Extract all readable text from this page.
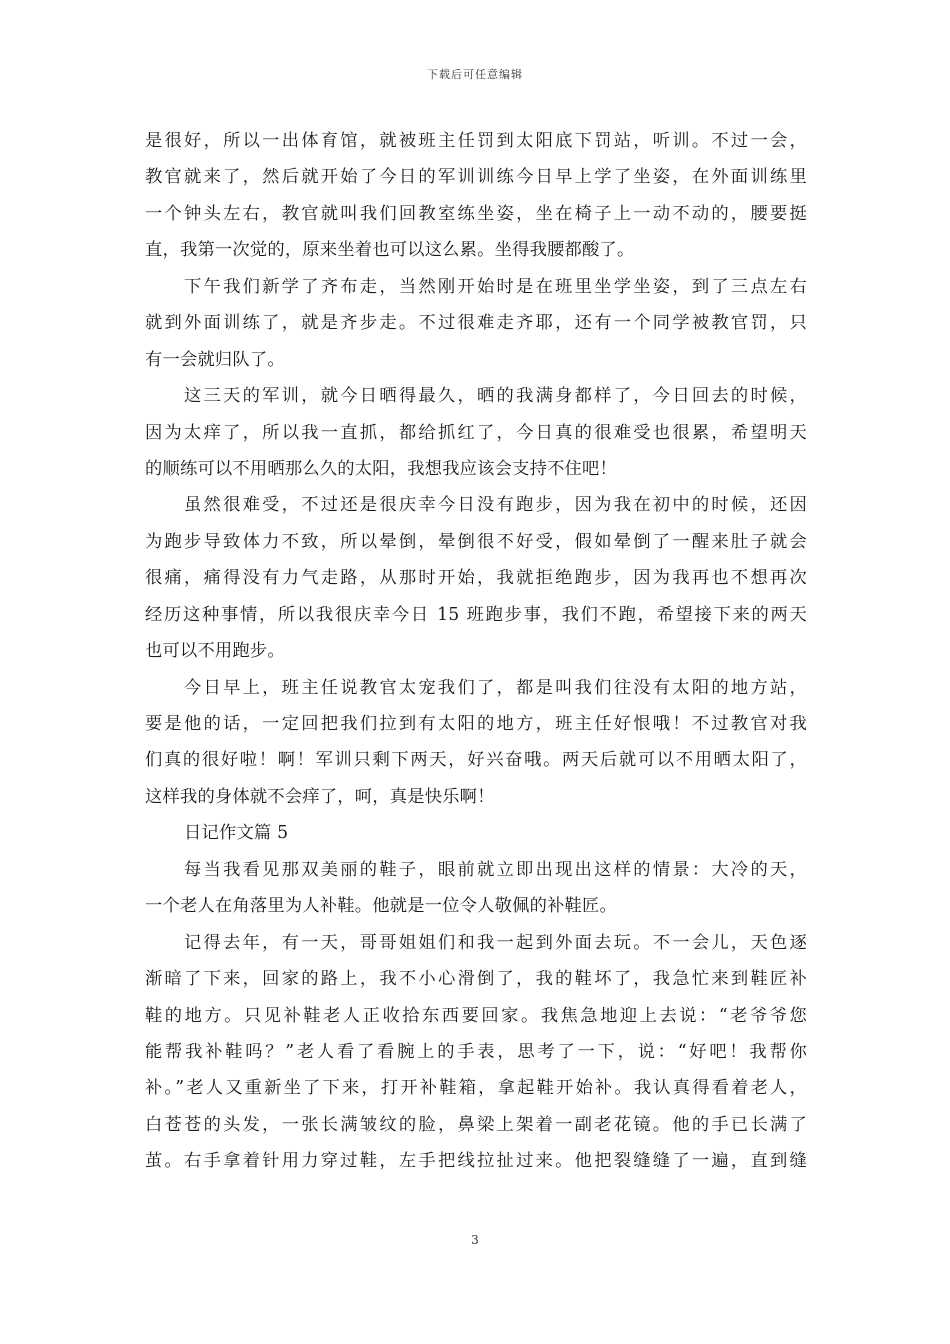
下载后可任意编辑
是很好，所以一出体育馆，就被班主任罚到太阳底下罚站，听训。不过一会，
教官就来了，然后就开始了今日的军训训练今日早上学了坐姿，在外面训练里
一个钟头左右，教官就叫我们回教室练坐姿，坐在椅子上一动不动的，腰要挺
直，我第一次觉的，原来坐着也可以这么累。坐得我腰都酸了。
下午我们新学了齐布走，当然刚开始时是在班里坐学坐姿，到了三点左右
就到外面训练了，就是齐步走。不过很难走齐耶，还有一个同学被教官罚，只
有一会就归队了。
这三天的军训，就今日晒得最久，晒的我满身都样了，今日回去的时候，
因为太痒了，所以我一直抓，都给抓红了，今日真的很难受也很累，希望明天
的顺练可以不用晒那么久的太阳，我想我应该会支持不住吧！
虽然很难受，不过还是很庆幸今日没有跑步，因为我在初中的时候，还因
为跑步导致体力不致，所以晕倒，晕倒很不好受，假如晕倒了一醒来肚子就会
很痛，痛得没有力气走路，从那时开始，我就拒绝跑步，因为我再也不想再次
经历这种事情，所以我很庆幸今日 15 班跑步事，我们不跑，希望接下来的两天
也可以不用跑步。
今日早上，班主任说教官太宠我们了，都是叫我们往没有太阳的地方站，
要是他的话，一定回把我们拉到有太阳的地方，班主任好恨哦！不过教官对我
们真的很好啦！啊！军训只剩下两天，好兴奋哦。两天后就可以不用晒太阳了，
这样我的身体就不会痒了，呵，真是快乐啊！
日记作文篇 5
每当我看见那双美丽的鞋子，眼前就立即出现出这样的情景：大冷的天，
一个老人在角落里为人补鞋。他就是一位令人敬佩的补鞋匠。
记得去年，有一天，哥哥姐姐们和我一起到外面去玩。不一会儿，天色逐
渐暗了下来，回家的路上，我不小心滑倒了，我的鞋坏了，我急忙来到鞋匠补
鞋的地方。只见补鞋老人正收拾东西要回家。我焦急地迎上去说：“老爷爷您
能帮我补鞋吗？”老人看了看腕上的手表，思考了一下，说：“好吧！我帮你
补。”老人又重新坐了下来，打开补鞋箱，拿起鞋开始补。我认真得看着老人，
白苍苍的头发，一张长满皱纹的脸，鼻梁上架着一副老花镜。他的手已长满了
茧。右手拿着针用力穿过鞋，左手把线拉扯过来。他把裂缝缝了一遍，直到缝
3
